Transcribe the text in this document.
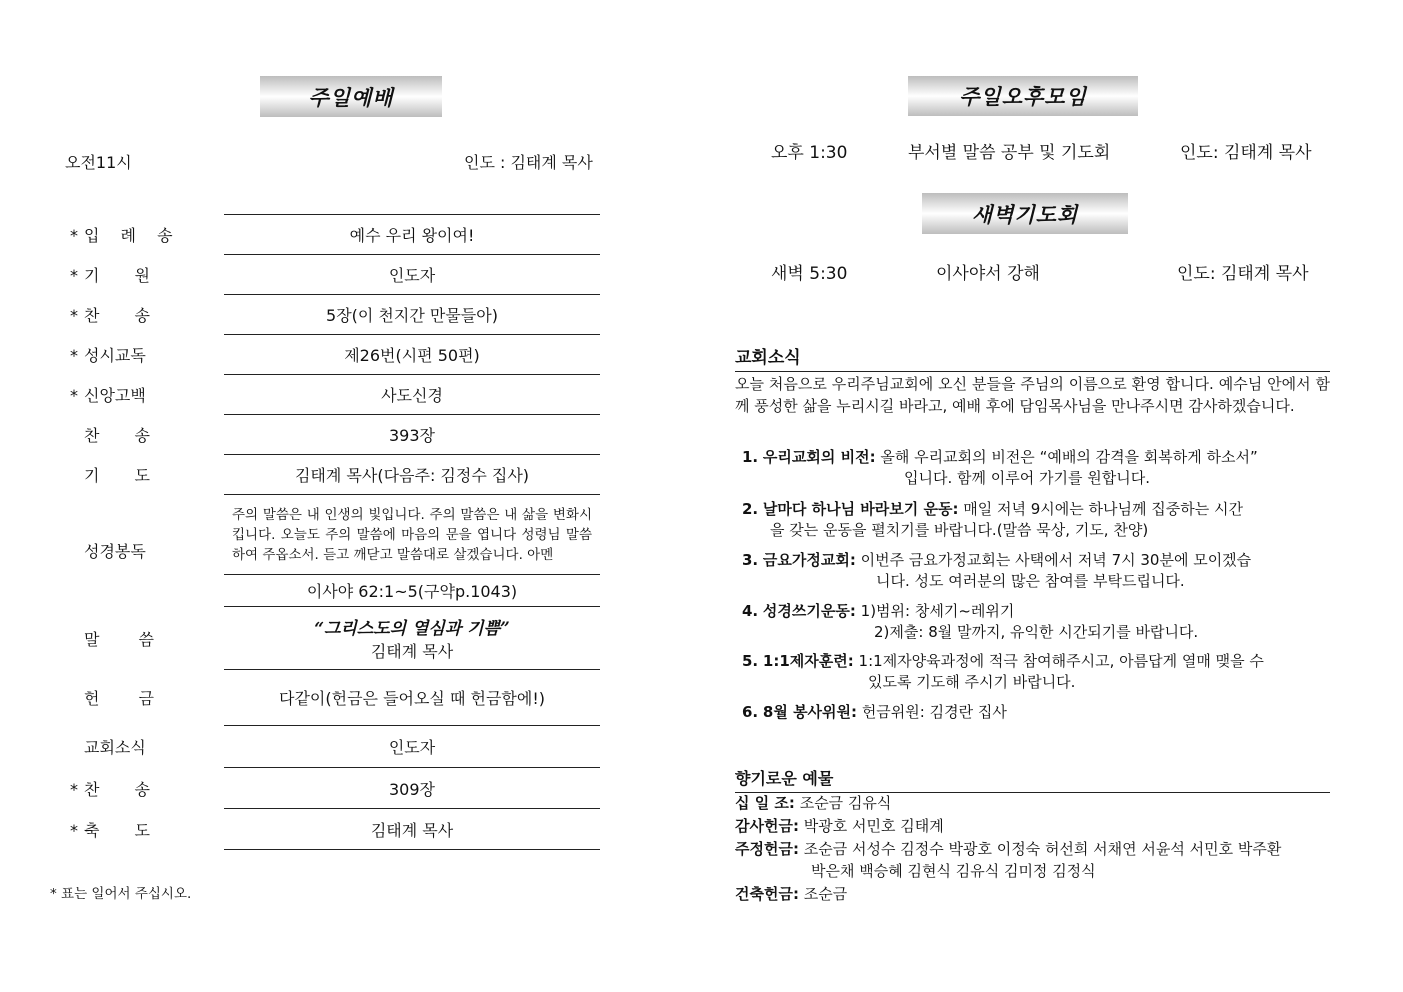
주일예배
오전11시	인도 : 김태계 목사
* 입 례 송	예수 우리 왕이여!
* 기 원	인도자
* 찬 송	5장(이 천지간 만물들아)
* 성시교독	제26번(시편 50편)
* 신앙고백	사도신경
찬 송	393장
기 도	김태계 목사(다음주: 김정수 집사)
성경봉독	주의 말씀은 내 인생의 빛입니다. 주의 말씀은 내 삶을 변화시킵니다. 오늘도 주의 말씀에 마음의 문을 엽니다 성령님 말씀하여 주옵소서. 듣고 깨닫고 말씀대로 살겠습니다. 아멘

	이사야 62:1~5(구약p.1043)
말 씀	“그리스도의 열심과 기쁨”
김태계 목사

헌 금	다같이(헌금은 들어오실 때 헌금함에!)
교회소식	인도자
* 찬 송	309장
* 축 도	김태계 목사
* 표는 일어서 주십시오.
주일오후모임
오후 1:30	부서별 말씀 공부 및 기도회	인도: 김태계 목사
새벽기도회
새벽 5:30	이사야서 강해	인도: 김태계 목사
교회소식
오늘 처음으로 우리주님교회에 오신 분들을 주님의 이름으로 환영 합니다. 예수님 안에서 함께 풍성한 삶을 누리시길 바라고, 예배 후에 담임목사님을 만나주시면 감사하겠습니다.
1. 우리교회의 비전: 올해 우리교회의 비전은 “예배의 감격을 회복하게 하소서”
입니다. 함께 이루어 가기를 원합니다.
2. 날마다 하나님 바라보기 운동: 매일 저녁 9시에는 하나님께 집중하는 시간
을 갖는 운동을 펼치기를 바랍니다.(말씀 묵상, 기도, 찬양)
3. 금요가정교회: 이번주 금요가정교회는 사택에서 저녁 7시 30분에 모이겠습
니다. 성도 여러분의 많은 참여를 부탁드립니다.
4. 성경쓰기운동: 1)범위: 창세기~레위기
2)제출: 8월 말까지, 유익한 시간되기를 바랍니다.
5. 1:1제자훈련: 1:1제자양육과정에 적극 참여해주시고, 아름답게 열매 맺을 수
있도록 기도해 주시기 바랍니다.
6. 8월 봉사위원: 헌금위원: 김경란 집사
향기로운 예물
십 일 조: 조순금 김유식
감사헌금: 박광호 서민호 김태계
주정헌금: 조순금 서성수 김정수 박광호 이정숙 허선희 서채연 서윤석 서민호 박주환
박은채 백승혜 김현식 김유식 김미정 김정식
건축헌금: 조순금
